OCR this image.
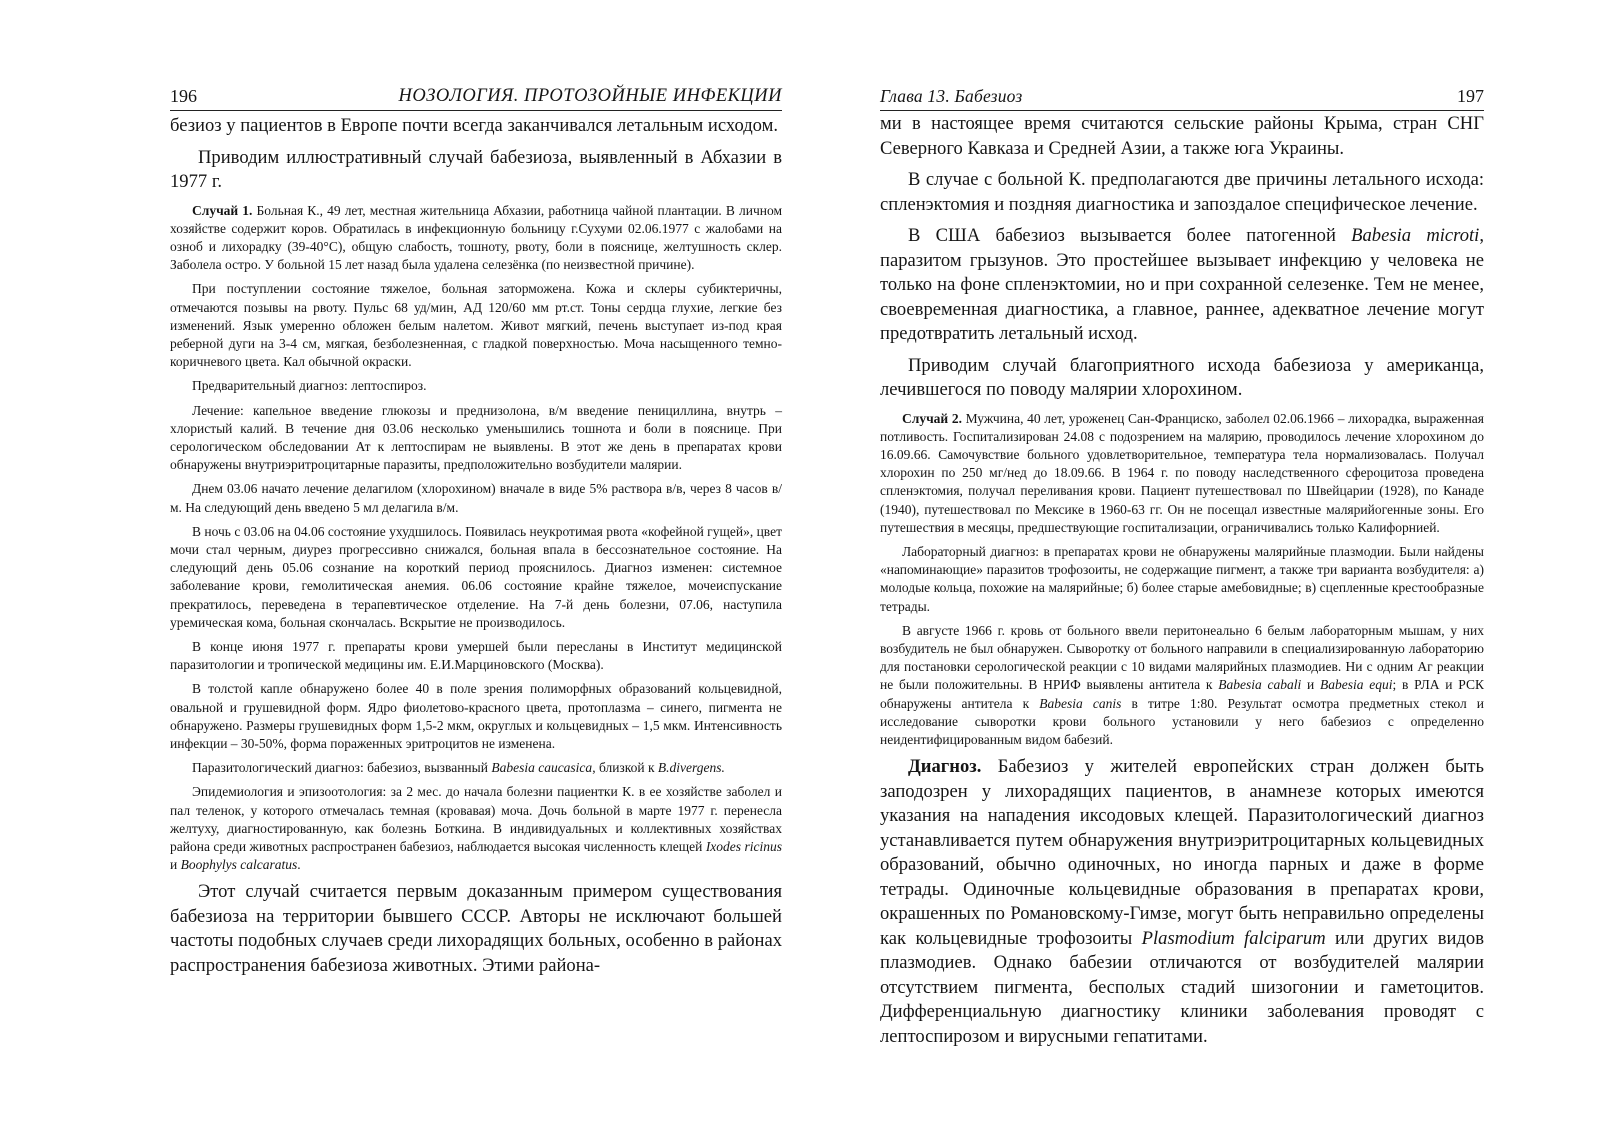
196	НОЗОЛОГИЯ. ПРОТОЗОЙНЫЕ ИНФЕКЦИИ

безиоз у пациентов в Европе почти всегда заканчивался летальным исходом.

Приводим иллюстративный случай бабезиоза, выявленный в Абхазии в 1977 г.

Случай 1. Больная К., 49 лет, местная жительница Абхазии, работница чайной плантации. В личном хозяйстве содержит коров. Обратилась в инфекционную больницу г.Сухуми 02.06.1977 с жалобами на озноб и лихорадку (39-40°С), общую слабость, тошноту, рвоту, боли в пояснице, желтушность склер. Заболела остро. У больной 15 лет назад была удалена селезёнка (по неизвестной причине).

При поступлении состояние тяжелое, больная заторможена. Кожа и склеры субиктеричны, отмечаются позывы на рвоту. Пульс 68 уд/мин, АД 120/60 мм рт.ст. Тоны сердца глухие, легкие без изменений. Язык умеренно обложен белым налетом. Живот мягкий, печень выступает из-под края реберной дуги на 3-4 см, мягкая, безболезненная, с гладкой поверхностью. Моча насыщенного темно-коричневого цвета. Кал обычной окраски.

Предварительный диагноз: лептоспироз.

Лечение: капельное введение глюкозы и преднизолона, в/м введение пенициллина, внутрь – хлористый калий. В течение дня 03.06 несколько уменьшились тошнота и боли в пояснице. При серологическом обследовании Ат к лептоспирам не выявлены. В этот же день в препаратах крови обнаружены внутриэритроцитарные паразиты, предположительно возбудители малярии.

Днем 03.06 начато лечение делагилом (хлорохином) вначале в виде 5% раствора в/в, через 8 часов в/м. На следующий день введено 5 мл делагила в/м.

В ночь с 03.06 на 04.06 состояние ухудшилось. Появилась неукротимая рвота «кофейной гущей», цвет мочи стал черным, диурез прогрессивно снижался, больная впала в бессознательное состояние. На следующий день 05.06 сознание на короткий период прояснилось. Диагноз изменен: системное заболевание крови, гемолитическая анемия. 06.06 состояние крайне тяжелое, мочеиспускание прекратилось, переведена в терапевтическое отделение. На 7-й день болезни, 07.06, наступила уремическая кома, больная скончалась. Вскрытие не производилось.

В конце июня 1977 г. препараты крови умершей были пересланы в Институт медицинской паразитологии и тропической медицины им. Е.И.Марциновского (Москва).

В толстой капле обнаружено более 40 в поле зрения полиморфных образований кольцевидной, овальной и грушевидной форм. Ядро фиолетово-красного цвета, протоплазма – синего, пигмента не обнаружено. Размеры грушевидных форм 1,5-2 мкм, округлых и кольцевидных – 1,5 мкм. Интенсивность инфекции – 30-50%, форма пораженных эритроцитов не изменена.

Паразитологический диагноз: бабезиоз, вызванный Babesia caucasica, близкой к B.divergens.

Эпидемиология и эпизоотология: за 2 мес. до начала болезни пациентки К. в ее хозяйстве заболел и пал теленок, у которого отмечалась темная (кровавая) моча. Дочь больной в марте 1977 г. перенесла желтуху, диагностированную, как болезнь Боткина. В индивидуальных и коллективных хозяйствах района среди животных распространен бабезиоз, наблюдается высокая численность клещей Ixodes ricinus и Boophylys calcaratus.

Этот случай считается первым доказанным примером существования бабезиоза на территории бывшего СССР. Авторы не исключают большей частоты подобных случаев среди лихорадящих больных, особенно в районах распространения бабезиоза животных. Этими района-

Глава 13. Бабезиоз	197

ми в настоящее время считаются сельские районы Крыма, стран СНГ Северного Кавказа и Средней Азии, а также юга Украины.

В случае с больной К. предполагаются две причины летального исхода: спленэктомия и поздняя диагностика и запоздалое специфическое лечение.

В США бабезиоз вызывается более патогенной Babesia microti, паразитом грызунов. Это простейшее вызывает инфекцию у человека не только на фоне спленэктомии, но и при сохранной селезенке. Тем не менее, своевременная диагностика, а главное, раннее, адекватное лечение могут предотвратить летальный исход.

Приводим случай благоприятного исхода бабезиоза у американца, лечившегося по поводу малярии хлорохином.

Случай 2. Мужчина, 40 лет, уроженец Сан-Франциско, заболел 02.06.1966 – лихорадка, выраженная потливость. Госпитализирован 24.08 с подозрением на малярию, проводилось лечение хлорохином до 16.09.66. Самочувствие больного удовлетворительное, температура тела нормализовалась. Получал хлорохин по 250 мг/нед до 18.09.66. В 1964 г. по поводу наследственного сфероцитоза проведена спленэктомия, получал переливания крови. Пациент путешествовал по Швейцарии (1928), по Канаде (1940), путешествовал по Мексике в 1960-63 гг. Он не посещал известные малярийогенные зоны. Его путешествия в месяцы, предшествующие госпитализации, ограничивались только Калифорнией.

Лабораторный диагноз: в препаратах крови не обнаружены малярийные плазмодии. Были найдены «напоминающие» паразитов трофозоиты, не содержащие пигмент, а также три варианта возбудителя: а) молодые кольца, похожие на малярийные; б) более старые амебовидные; в) сцепленные крестообразные тетрады.

В августе 1966 г. кровь от больного ввели перитонеально 6 белым лабораторным мышам, у них возбудитель не был обнаружен. Сыворотку от больного направили в специализированную лабораторию для постановки серологической реакции с 10 видами малярийных плазмодиев. Ни с одним Аг реакции не были положительны. В НРИФ выявлены антитела к Babesia cabali и Babesia equi; в РЛА и РСК обнаружены антитела к Babesia canis в титре 1:80. Результат осмотра предметных стекол и исследование сыворотки крови больного установили у него бабезиоз с определенно неидентифицированным видом бабезий.

Диагноз. Бабезиоз у жителей европейских стран должен быть заподозрен у лихорадящих пациентов, в анамнезе которых имеются указания на нападения иксодовых клещей. Паразитологический диагноз устанавливается путем обнаружения внутриэритроцитарных кольцевидных образований, обычно одиночных, но иногда парных и даже в форме тетрады. Одиночные кольцевидные образования в препаратах крови, окрашенных по Романовскому-Гимзе, могут быть неправильно определены как кольцевидные трофозоиты Plasmodium falciparum или других видов плазмодиев. Однако бабезии отличаются от возбудителей малярии отсутствием пигмента, бесполых стадий шизогонии и гаметоцитов. Дифференциальную диагностику клиники заболевания проводят с лептоспирозом и вирусными гепатитами.
